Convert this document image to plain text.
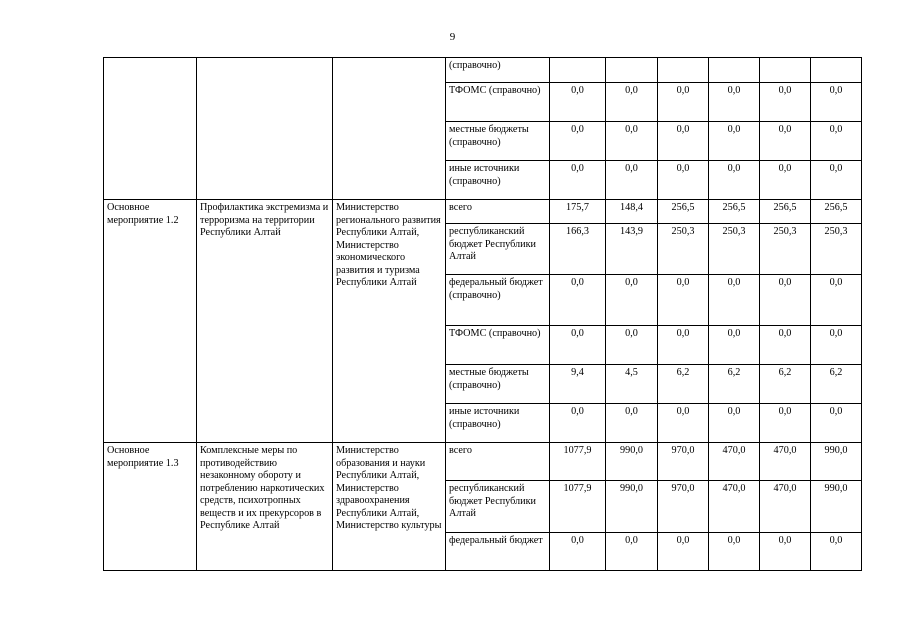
9
			(справочно)						
			ТФОМС (справочно)	0,0	0,0	0,0	0,0	0,0	0,0
			местные бюджеты (справочно)	0,0	0,0	0,0	0,0	0,0	0,0
			иные источники (справочно)	0,0	0,0	0,0	0,0	0,0	0,0
Основное мероприятие 1.2	Профилактика экстремизма и терроризма на территории Республики Алтай	Министерство регионального развития Республики Алтай, Министерство экономического развития и туризма Республики Алтай	всего	175,7	148,4	256,5	256,5	256,5	256,5
			республиканский бюджет Республики Алтай	166,3	143,9	250,3	250,3	250,3	250,3
			федеральный бюджет (справочно)	0,0	0,0	0,0	0,0	0,0	0,0
			ТФОМС (справочно)	0,0	0,0	0,0	0,0	0,0	0,0
			местные бюджеты (справочно)	9,4	4,5	6,2	6,2	6,2	6,2
			иные источники (справочно)	0,0	0,0	0,0	0,0	0,0	0,0
Основное мероприятие 1.3	Комплексные меры по противодействию незаконному обороту и потреблению наркотических средств, психотропных веществ и их прекурсоров в Республике Алтай	Министерство образования и науки Республики Алтай, Министерство здравоохранения Республики Алтай, Министерство культуры	всего	1077,9	990,0	970,0	470,0	470,0	990,0
			республиканский бюджет Республики Алтай	1077,9	990,0	970,0	470,0	470,0	990,0
			федеральный бюджет	0,0	0,0	0,0	0,0	0,0	0,0
